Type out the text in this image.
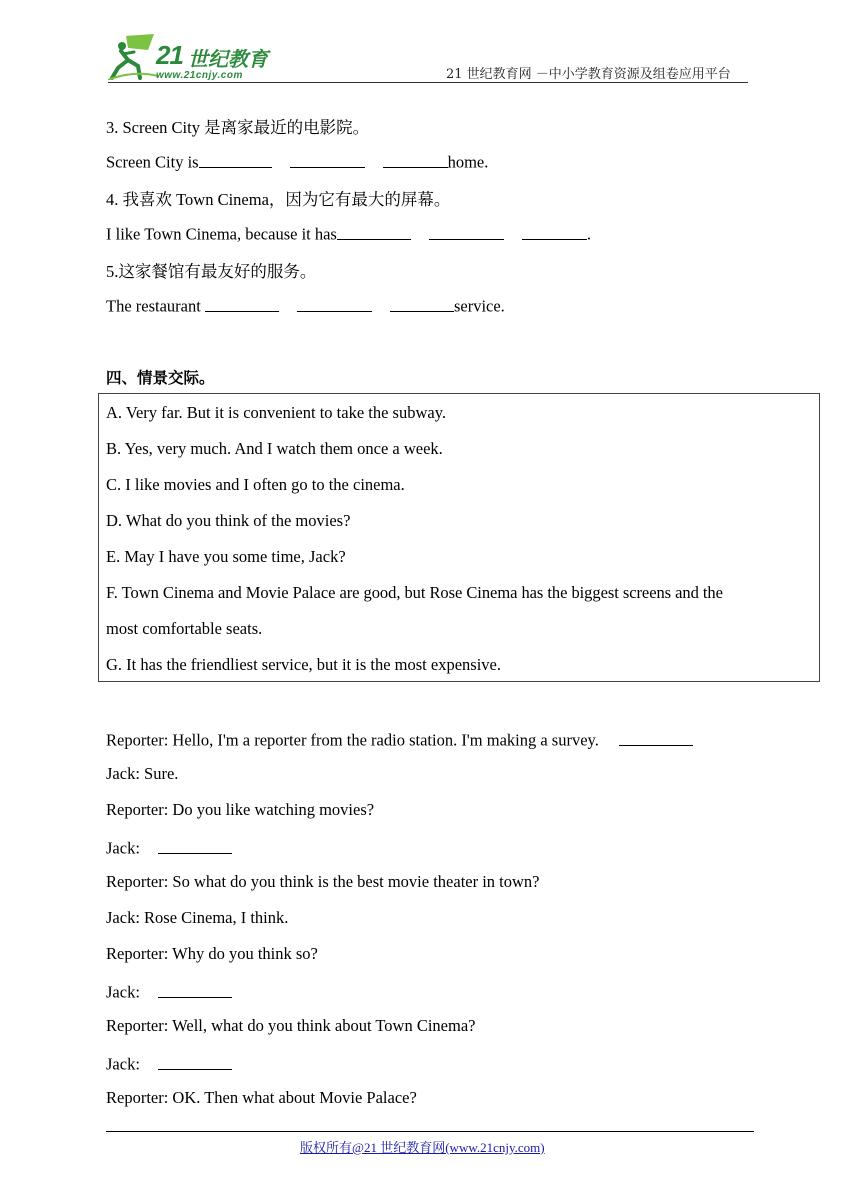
21 世纪教育
www.21cnjy.com	21 世纪教育网 －中小学教育资源及组卷应用平台
3. Screen City 是离家最近的电影院。
Screen City is	home.
4. 我喜欢 Town Cinema，因为它有最大的屏幕。
I like Town Cinema, because it has	.
5.这家餐馆有最友好的服务。
The restaurant	service.
四、情景交际。
A. Very far. But it is convenient to take the subway.
B. Yes, very much. And I watch them once a week.
C. I like movies and I often go to the cinema.
D. What do you think of the movies?
E. May I have you some time, Jack?
F. Town Cinema and Movie Palace are good, but Rose Cinema has the biggest screens and the
most comfortable seats.
G. It has the friendliest service, but it is the most expensive.
Reporter: Hello, I'm a reporter from the radio station. I'm making a survey.
Jack: Sure.
Reporter: Do you like watching movies?
Jack:
Reporter: So what do you think is the best movie theater in town?
Jack: Rose Cinema, I think.
Reporter: Why do you think so?
Jack:
Reporter: Well, what do you think about Town Cinema?
Jack:
Reporter: OK. Then what about Movie Palace?
版权所有@21 世纪教育网(www.21cnjy.com)
